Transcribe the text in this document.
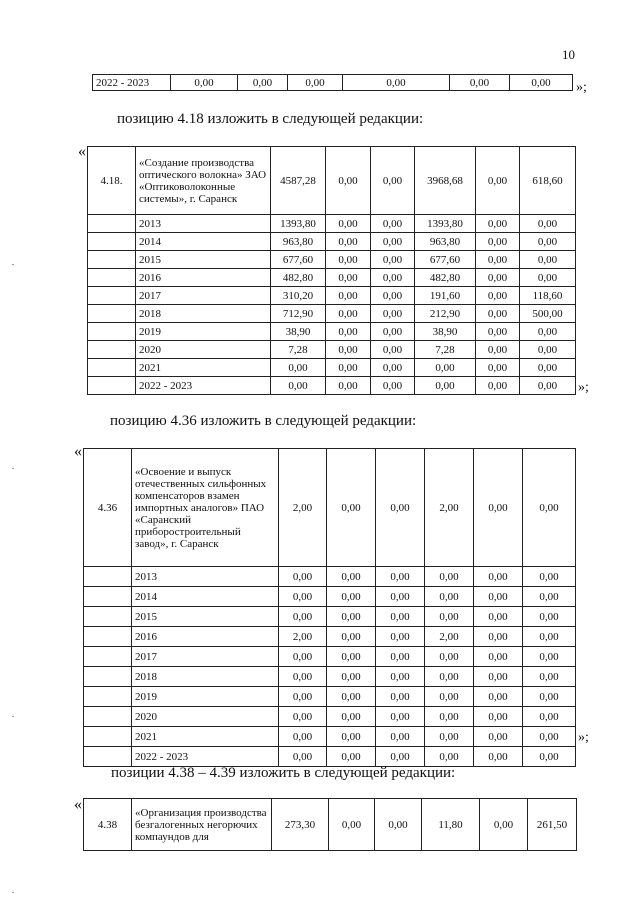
10
2022 - 2023	0,00	0,00	0,00	0,00	0,00	0,00 »;
позицию 4.18 изложить в следующей редакции:
«
4.18.	«Создание производства оптического волокна» ЗАО «Оптиковолоконные системы», г. Саранск	4587,28	0,00	0,00	3968,68	0,00	618,60
	2013	1393,80	0,00	0,00	1393,80	0,00	0,00
	2014	963,80	0,00	0,00	963,80	0,00	0,00
	2015	677,60	0,00	0,00	677,60	0,00	0,00
	2016	482,80	0,00	0,00	482,80	0,00	0,00
	2017	310,20	0,00	0,00	191,60	0,00	118,60
	2018	712,90	0,00	0,00	212,90	0,00	500,00
	2019	38,90	0,00	0,00	38,90	0,00	0,00
	2020	7,28	0,00	0,00	7,28	0,00	0,00
	2021	0,00	0,00	0,00	0,00	0,00	0,00
	2022 - 2023	0,00	0,00	0,00	0,00	0,00	0,00 »;
позицию 4.36 изложить в следующей редакции:
«
4.36	«Освоение и выпуск отечественных сильфонных компенсаторов взамен импортных аналогов» ПАО «Саранский приборостроительный завод», г. Саранск	2,00	0,00	0,00	2,00	0,00	0,00
	2013	0,00	0,00	0,00	0,00	0,00	0,00
	2014	0,00	0,00	0,00	0,00	0,00	0,00
	2015	0,00	0,00	0,00	0,00	0,00	0,00
	2016	2,00	0,00	0,00	2,00	0,00	0,00
	2017	0,00	0,00	0,00	0,00	0,00	0,00
	2018	0,00	0,00	0,00	0,00	0,00	0,00
	2019	0,00	0,00	0,00	0,00	0,00	0,00
	2020	0,00	0,00	0,00	0,00	0,00	0,00
	2021	0,00	0,00	0,00	0,00	0,00	0,00
	2022 - 2023	0,00	0,00	0,00	0,00	0,00	0,00
»;
позиции 4.38 – 4.39 изложить в следующей редакции:
«
4.38	«Организация производства безгалогенных негорючих компаундов для	273,30	0,00	0,00	11,80	0,00	261,50
